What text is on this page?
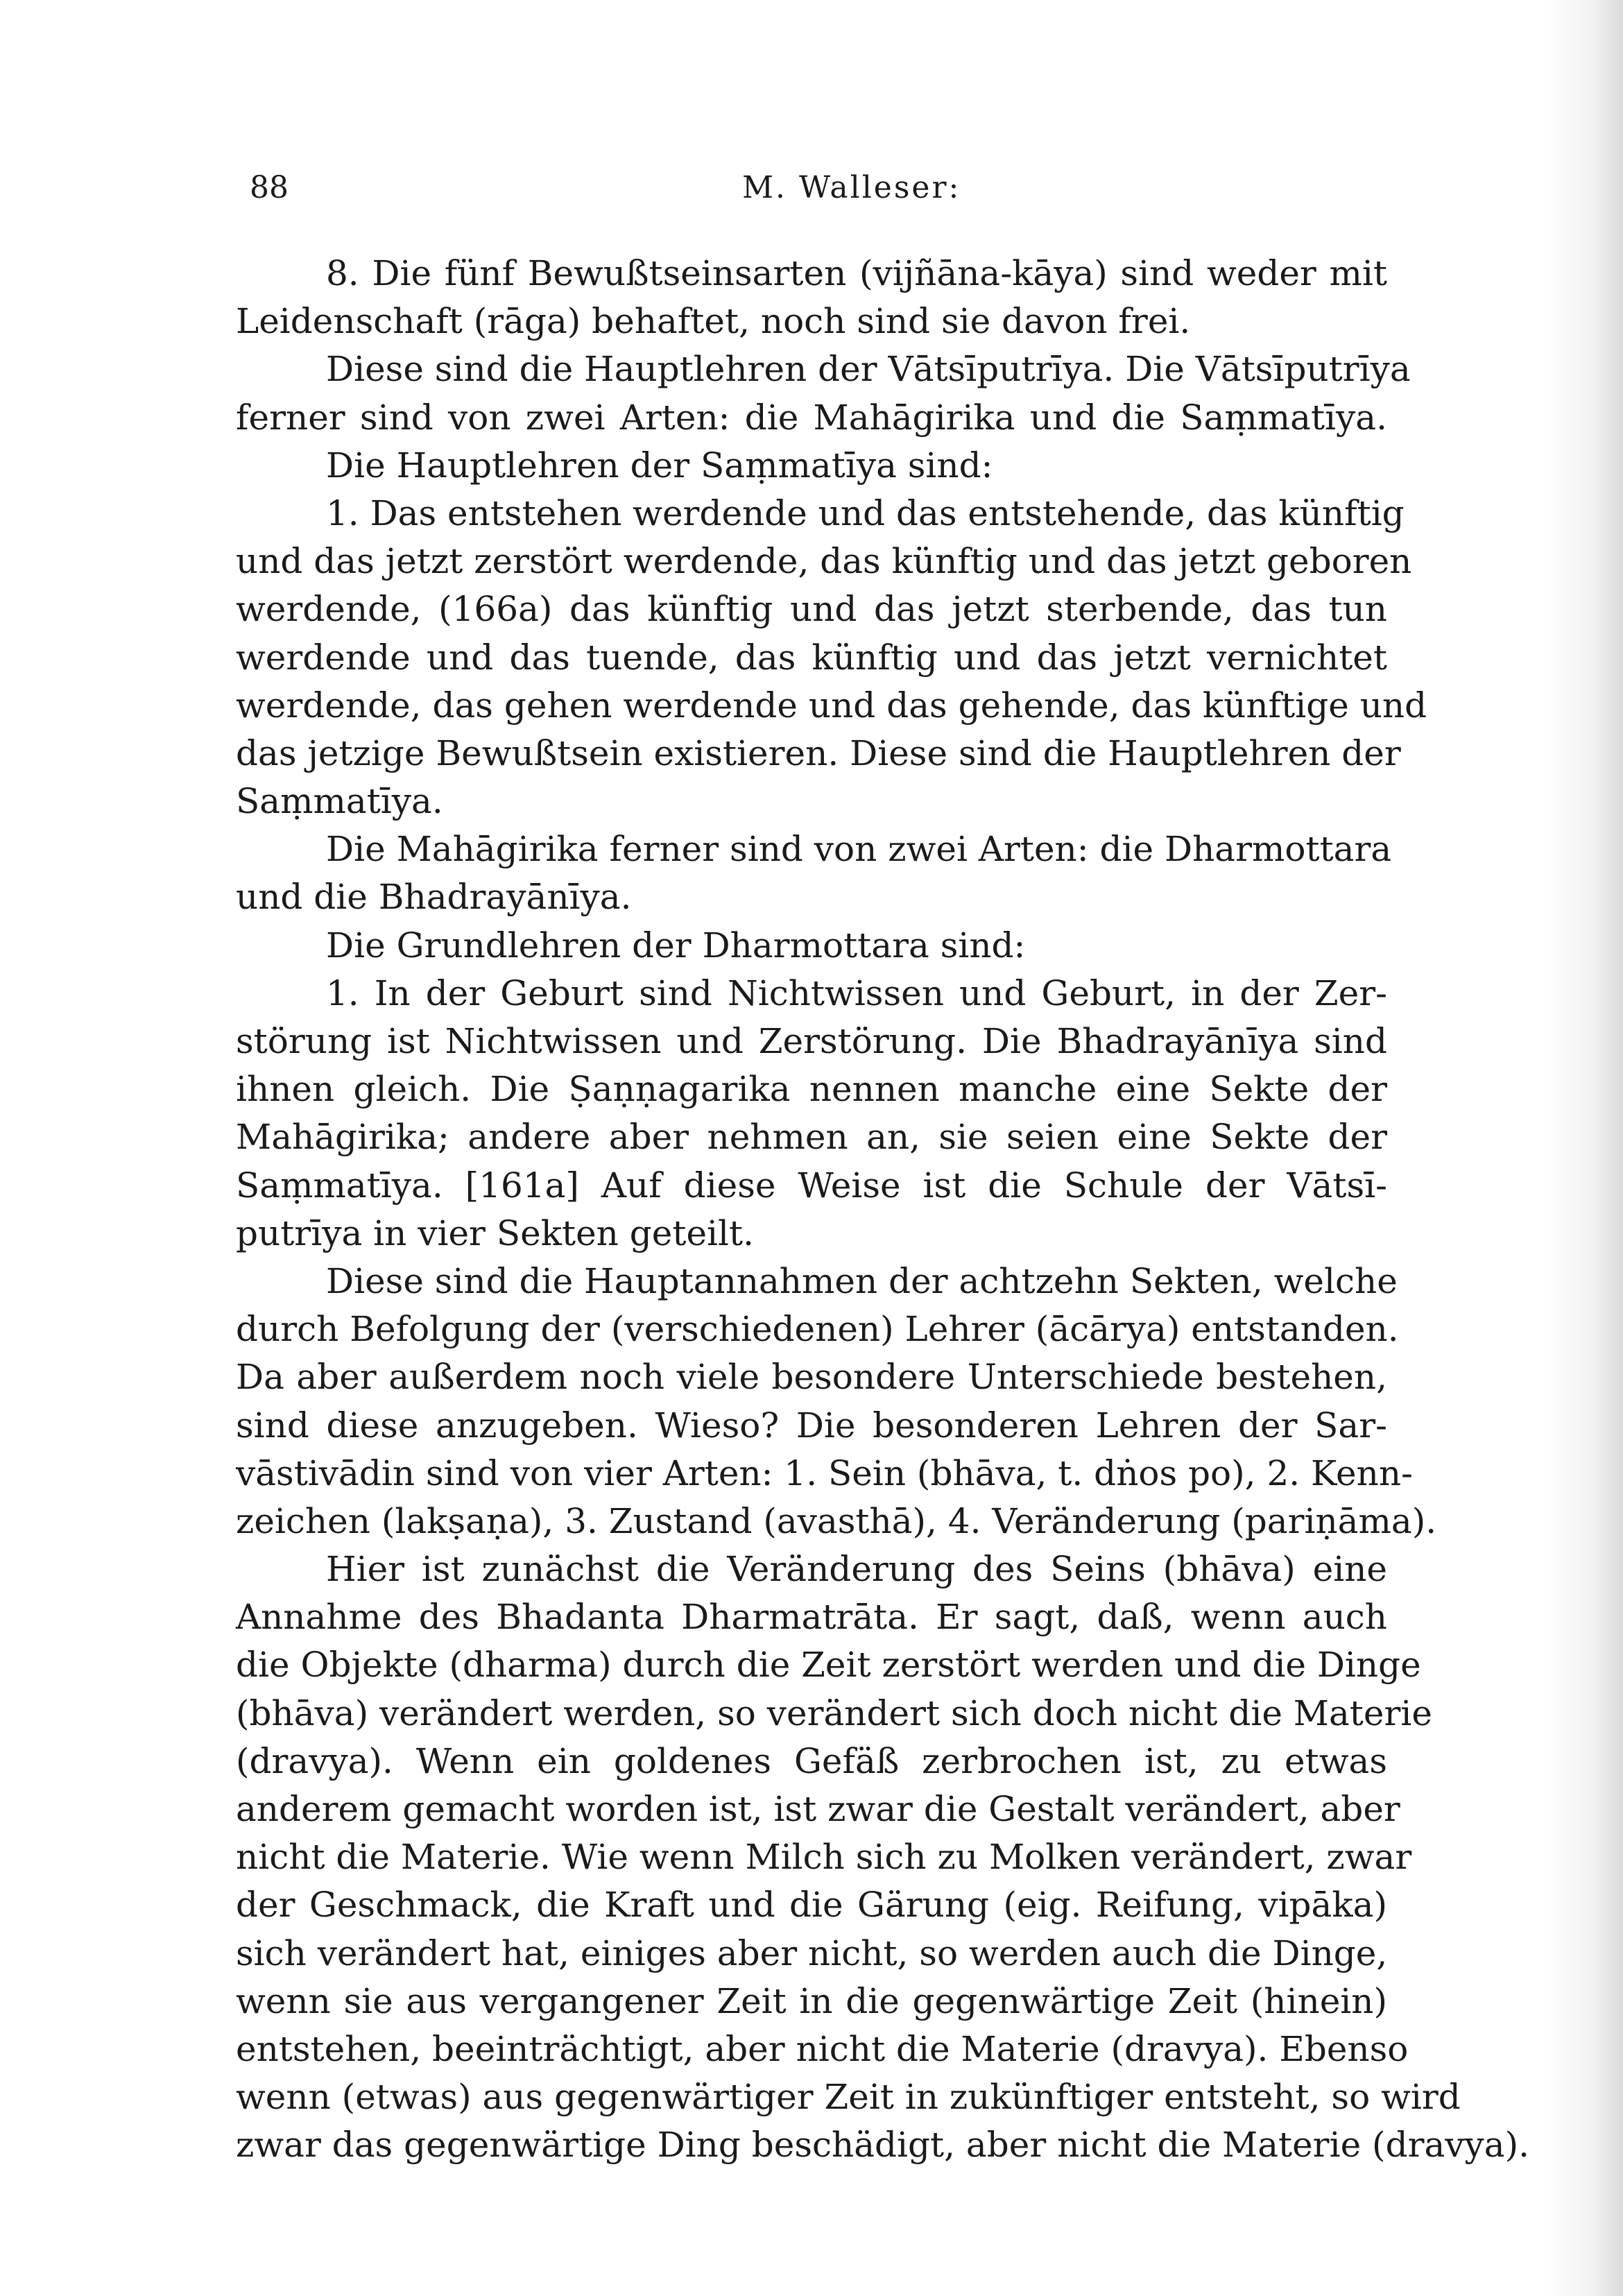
88	M. Walleser:
8. Die fünf Bewußtseinsarten (vijñāna-kāya) sind weder mit
Leidenschaft (rāga) behaftet, noch sind sie davon frei.
Diese sind die Hauptlehren der Vātsīputrīya. Die Vātsīputrīya
ferner sind von zwei Arten: die Mahāgirika und die Saṃmatīya.
Die Hauptlehren der Saṃmatīya sind:
1. Das entstehen werdende und das entstehende, das künftig
und das jetzt zerstört werdende, das künftig und das jetzt geboren
werdende, (166a) das künftig und das jetzt sterbende, das tun
werdende und das tuende, das künftig und das jetzt vernichtet
werdende, das gehen werdende und das gehende, das künftige und
das jetzige Bewußtsein existieren. Diese sind die Hauptlehren der
Saṃmatīya.
Die Mahāgirika ferner sind von zwei Arten: die Dharmottara
und die Bhadrayānīya.
Die Grundlehren der Dharmottara sind:
1. In der Geburt sind Nichtwissen und Geburt, in der Zer-
störung ist Nichtwissen und Zerstörung. Die Bhadrayānīya sind
ihnen gleich. Die Ṣaṇṇagarika nennen manche eine Sekte der
Mahāgirika; andere aber nehmen an, sie seien eine Sekte der
Saṃmatīya. [161a] Auf diese Weise ist die Schule der Vātsī-
putrīya in vier Sekten geteilt.
Diese sind die Hauptannahmen der achtzehn Sekten, welche
durch Befolgung der (verschiedenen) Lehrer (ācārya) entstanden.
Da aber außerdem noch viele besondere Unterschiede bestehen,
sind diese anzugeben. Wieso? Die besonderen Lehren der Sar-
vāstivādin sind von vier Arten: 1. Sein (bhāva, t. dṅos po), 2. Kenn-
zeichen (lakṣaṇa), 3. Zustand (avasthā), 4. Veränderung (pariṇāma).
Hier ist zunächst die Veränderung des Seins (bhāva) eine
Annahme des Bhadanta Dharmatrāta. Er sagt, daß, wenn auch
die Objekte (dharma) durch die Zeit zerstört werden und die Dinge
(bhāva) verändert werden, so verändert sich doch nicht die Materie
(dravya). Wenn ein goldenes Gefäß zerbrochen ist, zu etwas
anderem gemacht worden ist, ist zwar die Gestalt verändert, aber
nicht die Materie. Wie wenn Milch sich zu Molken verändert, zwar
der Geschmack, die Kraft und die Gärung (eig. Reifung, vipāka)
sich verändert hat, einiges aber nicht, so werden auch die Dinge,
wenn sie aus vergangener Zeit in die gegenwärtige Zeit (hinein)
entstehen, beeinträchtigt, aber nicht die Materie (dravya). Ebenso
wenn (etwas) aus gegenwärtiger Zeit in zukünftiger entsteht, so wird
zwar das gegenwärtige Ding beschädigt, aber nicht die Materie (dravya).
